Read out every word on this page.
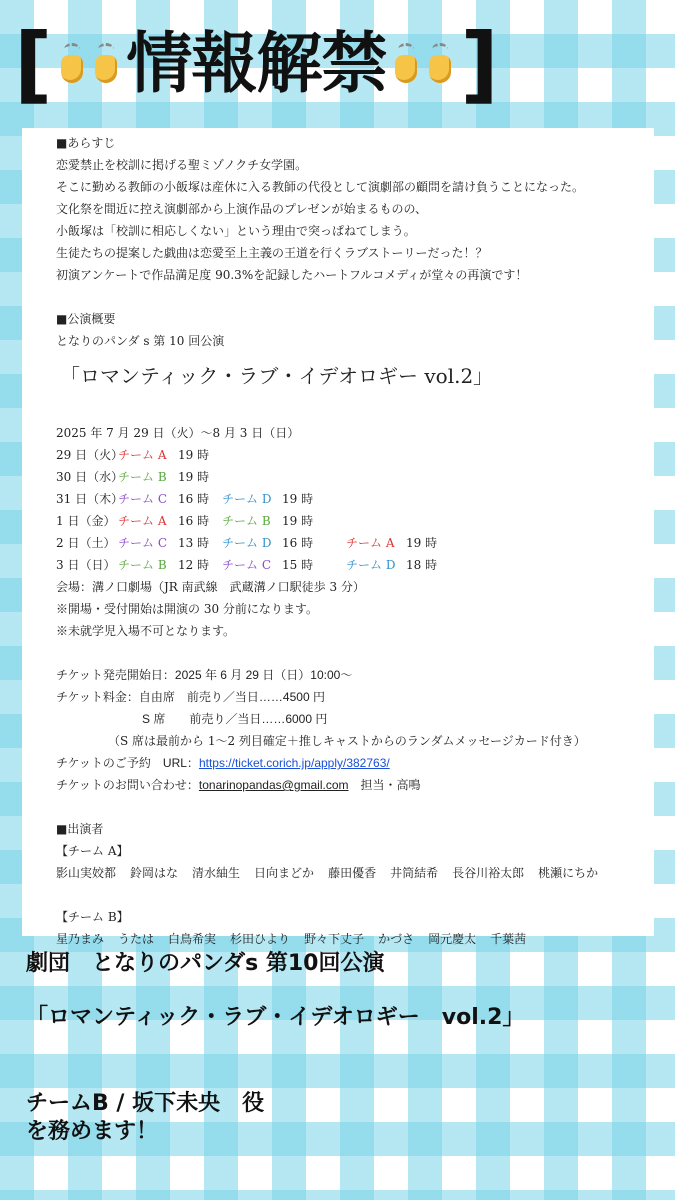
[ 情報解禁 ]
■あらすじ
恋愛禁止を校訓に掲げる聖ミゾノクチ女学園。
そこに勤める教師の小飯塚は産休に入る教師の代役として演劇部の顧問を請け負うことになった。
文化祭を間近に控え演劇部から上演作品のプレゼンが始まるものの、
小飯塚は「校訓に相応しくない」という理由で突っぱねてしまう。
生徒たちの提案した戯曲は恋愛至上主義の王道を行くラブストーリーだった！？
初演アンケートで作品満足度 90.3%を記録したハートフルコメディが堂々の再演です！
■公演概要
となりのパンダ s 第 10 回公演
「ロマンティック・ラブ・イデオロギー vol.2」
2025 年 7 月 29 日（火）〜8 月 3 日（日）
29 日（火）チーム A 19 時
30 日（水）チーム B 19 時
31 日（木）チーム C 16 時 チーム D 19 時
1 日（金） チーム A 16 時 チーム B 19 時
2 日（土） チーム C 13 時 チーム D 16 時	チーム A 19 時
3 日（日） チーム B 12 時 チーム C 15 時	チーム D 18 時
会場：溝ノ口劇場（JR 南武線　武蔵溝ノ口駅徒歩 3 分）
※開場・受付開始は開演の 30 分前になります。
※未就学児入場不可となります。
チケット発売開始日：2025 年 6 月 29 日（日）10:00〜
チケット料金：自由席　前売り／当日……4500 円
S 席　　前売り／当日……6000 円
（S 席は最前から 1〜2 列目確定＋推しキャストからのランダムメッセージカード付き）
チケットのご予約　URL：https://ticket.corich.jp/apply/382763/
チケットのお問い合わせ：tonarinopandas@gmail.com　 担当・高鳴
■出演者
【チーム A】
影山実姣都 鈴岡はな 清水紬生 日向まどか 藤田優香 井筒結希 長谷川裕太郎 桃瀬にちか
【チーム B】
星乃まみ うたは 白鳥希実 杉田ひより 野々下丈子 かづさ 岡元慶太 千葉茜
劇団　となりのパンダs 第10回公演
「ロマンティック・ラブ・イデオロギー　vol.2」
チームB / 坂下未央　役
を務めます！
